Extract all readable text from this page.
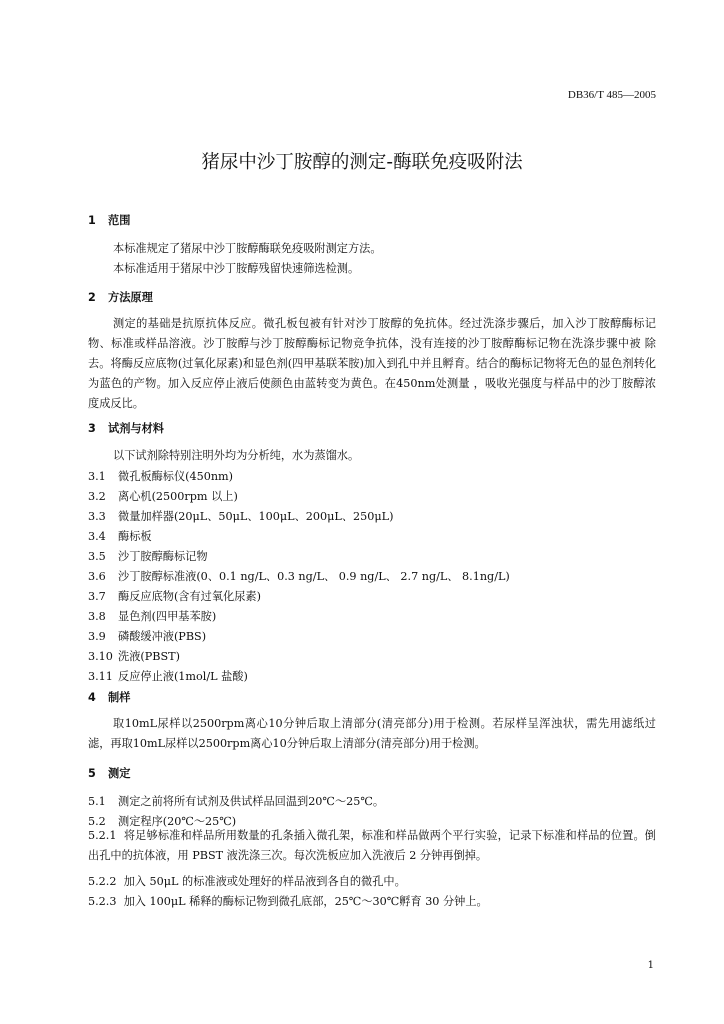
DB36/T 485—2005
猪尿中沙丁胺醇的测定-酶联免疫吸附法
1 范围
本标准规定了猪尿中沙丁胺醇酶联免疫吸附测定方法。
本标准适用于猪尿中沙丁胺醇残留快速筛选检测。
2 方法原理

测定的基础是抗原抗体反应。微孔板包被有针对沙丁胺醇的免抗体。经过洗涤步骤后，加入沙丁胺醇酶标记物、标准或样品溶液。沙丁胺醇与沙丁胺醇酶标记物竞争抗体，没有连接的沙丁胺醇酶标记物在洗涤步骤中被 除去。将酶反应底物(过氧化尿素)和显色剂(四甲基联苯胺)加入到孔中并且孵育。结合的酶标记物将无色的显色剂转化为蓝色的产物。加入反应停止液后使颜色由蓝转变为黄色。在450nm处测量 ，吸收光强度与样品中的沙丁胺醇浓度成反比。

3 试剂与材料
以下试剂除特别注明外均为分析纯，水为蒸馏水。
3.1 微孔板酶标仪(450nm)
3.2 离心机(2500rpm 以上)
3.3 微量加样器(20μL、50μL、100μL、200μL、250μL)
3.4 酶标板
3.5 沙丁胺醇酶标记物
3.6 沙丁胺醇标准液(0、0.1 ng/L、0.3 ng/L、 0.9 ng/L、 2.7 ng/L、 8.1ng/L)
3.7 酶反应底物(含有过氧化尿素)
3.8 显色剂(四甲基苯胺)
3.9 磷酸缓冲液(PBS)
3.10 洗液(PBST)
3.11 反应停止液(1mol/L 盐酸)
4 制样

取10mL尿样以2500rpm离心10分钟后取上清部分(清亮部分)用于检测。若尿样呈浑浊状，需先用滤纸过滤，再取10mL尿样以2500rpm离心10分钟后取上清部分(清亮部分)用于检测。

5 测定
5.1 测定之前将所有试剂及供试样品回温到20℃～25℃。
5.2 测定程序(20℃～25℃)

5.2.1 将足够标准和样品所用数量的孔条插入微孔架，标准和样品做两个平行实验，记录下标准和样品的位置。倒出孔中的抗体液，用 PBST 液洗涤三次。每次洗板应加入洗液后 2 分钟再倒掉。

5.2.2 加入 50μL 的标准液或处理好的样品液到各自的微孔中。
5.2.3 加入 100μL 稀释的酶标记物到微孔底部，25℃～30℃孵育 30 分钟上。
1
